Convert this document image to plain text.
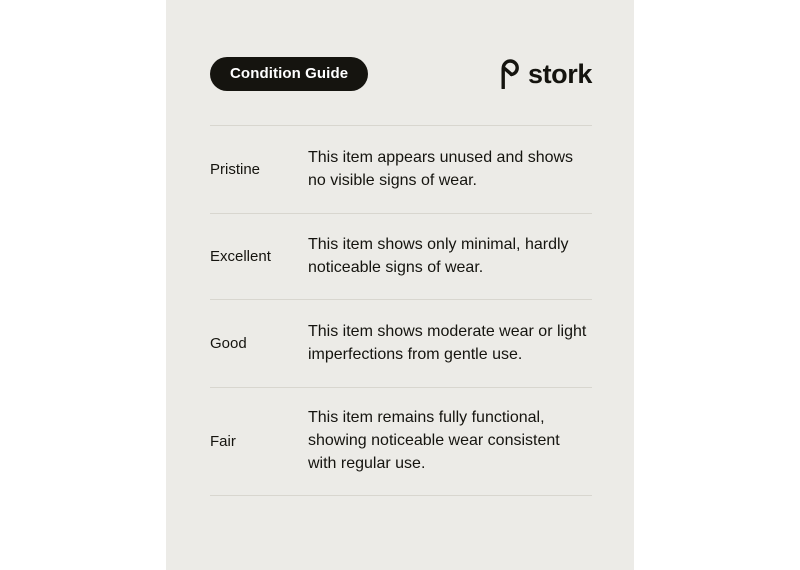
Condition Guide	stork
Pristine
This item appears unused and shows no visible signs of wear.
Excellent
This item shows only minimal, hardly noticeable signs of wear.
Good
This item shows moderate wear or light imperfections from gentle use.
Fair
This item remains fully functional, showing noticeable wear consistent with regular use.
